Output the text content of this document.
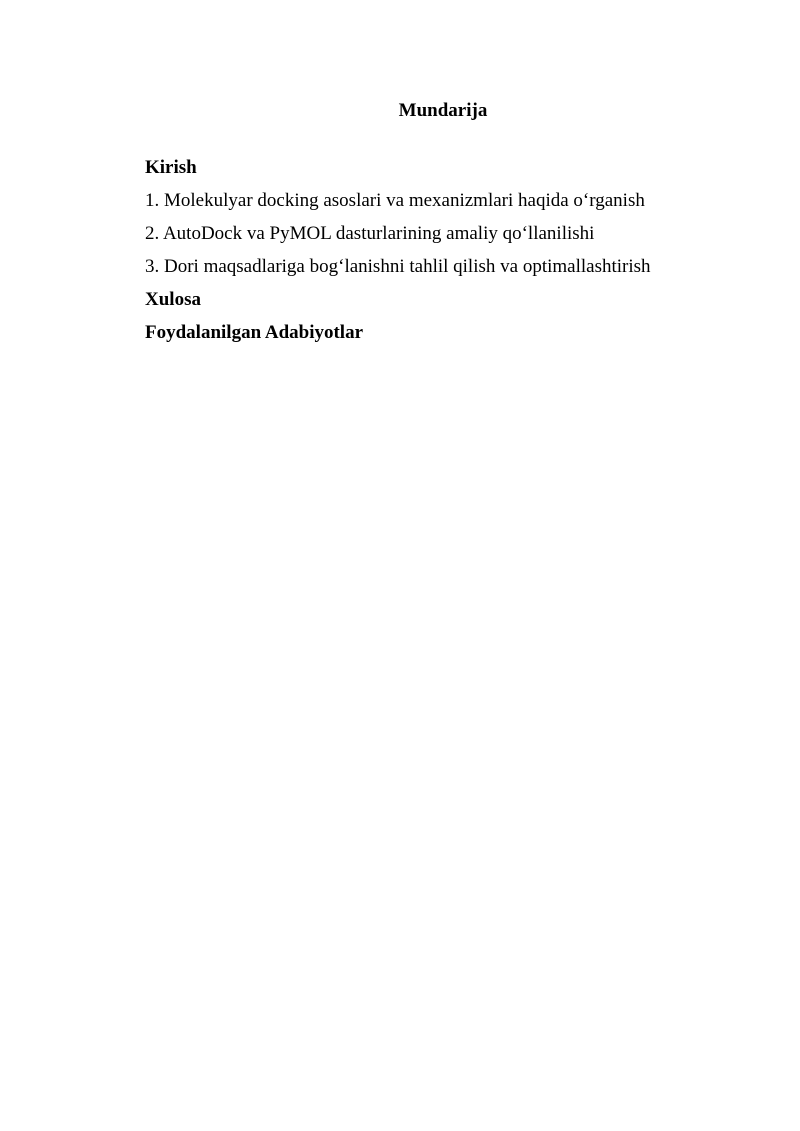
Mundarija
Kirish
1. Molekulyar docking asoslari va mexanizmlari haqida o‘rganish
2. AutoDock va PyMOL dasturlarining amaliy qo‘llanilishi
3. Dori maqsadlariga bog‘lanishni tahlil qilish va optimallashtirish
Xulosa
Foydalanilgan Adabiyotlar
